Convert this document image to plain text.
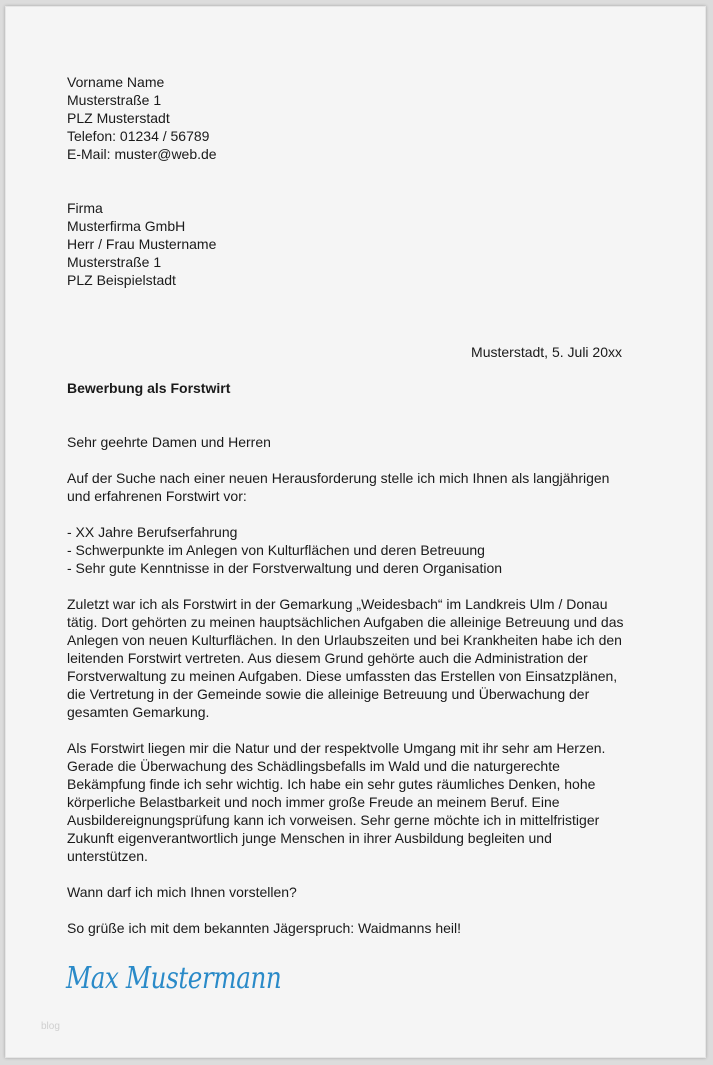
Vorname Name
Musterstraße 1
PLZ Musterstadt
Telefon: 01234 / 56789
E-Mail: muster@web.de
Firma
Musterfirma GmbH
Herr / Frau Mustername
Musterstraße 1
PLZ Beispielstadt
Musterstadt, 5. Juli 20xx
Bewerbung als Forstwirt
Sehr geehrte Damen und Herren

Auf der Suche nach einer neuen Herausforderung stelle ich mich Ihnen als langjährigen
und erfahrenen Forstwirt vor:

- XX Jahre Berufserfahrung
- Schwerpunkte im Anlegen von Kulturflächen und deren Betreuung
- Sehr gute Kenntnisse in der Forstverwaltung und deren Organisation

Zuletzt war ich als Forstwirt in der Gemarkung „Weidesbach“ im Landkreis Ulm / Donau
tätig. Dort gehörten zu meinen hauptsächlichen Aufgaben die alleinige Betreuung und das
Anlegen von neuen Kulturflächen. In den Urlaubszeiten und bei Krankheiten habe ich den
leitenden Forstwirt vertreten. Aus diesem Grund gehörte auch die Administration der
Forstverwaltung zu meinen Aufgaben. Diese umfassten das Erstellen von Einsatzplänen,
die Vertretung in der Gemeinde sowie die alleinige Betreuung und Überwachung der
gesamten Gemarkung.

Als Forstwirt liegen mir die Natur und der respektvolle Umgang mit ihr sehr am Herzen.
Gerade die Überwachung des Schädlingsbefalls im Wald und die naturgerechte
Bekämpfung finde ich sehr wichtig. Ich habe ein sehr gutes räumliches Denken, hohe
körperliche Belastbarkeit und noch immer große Freude an meinem Beruf. Eine
Ausbildereignungsprüfung kann ich vorweisen. Sehr gerne möchte ich in mittelfristiger
Zukunft eigenverantwortlich junge Menschen in ihrer Ausbildung begleiten und
unterstützen.

Wann darf ich mich Ihnen vorstellen?

So grüße ich mit dem bekannten Jägerspruch: Waidmanns heil!

Max Mustermann
blog
